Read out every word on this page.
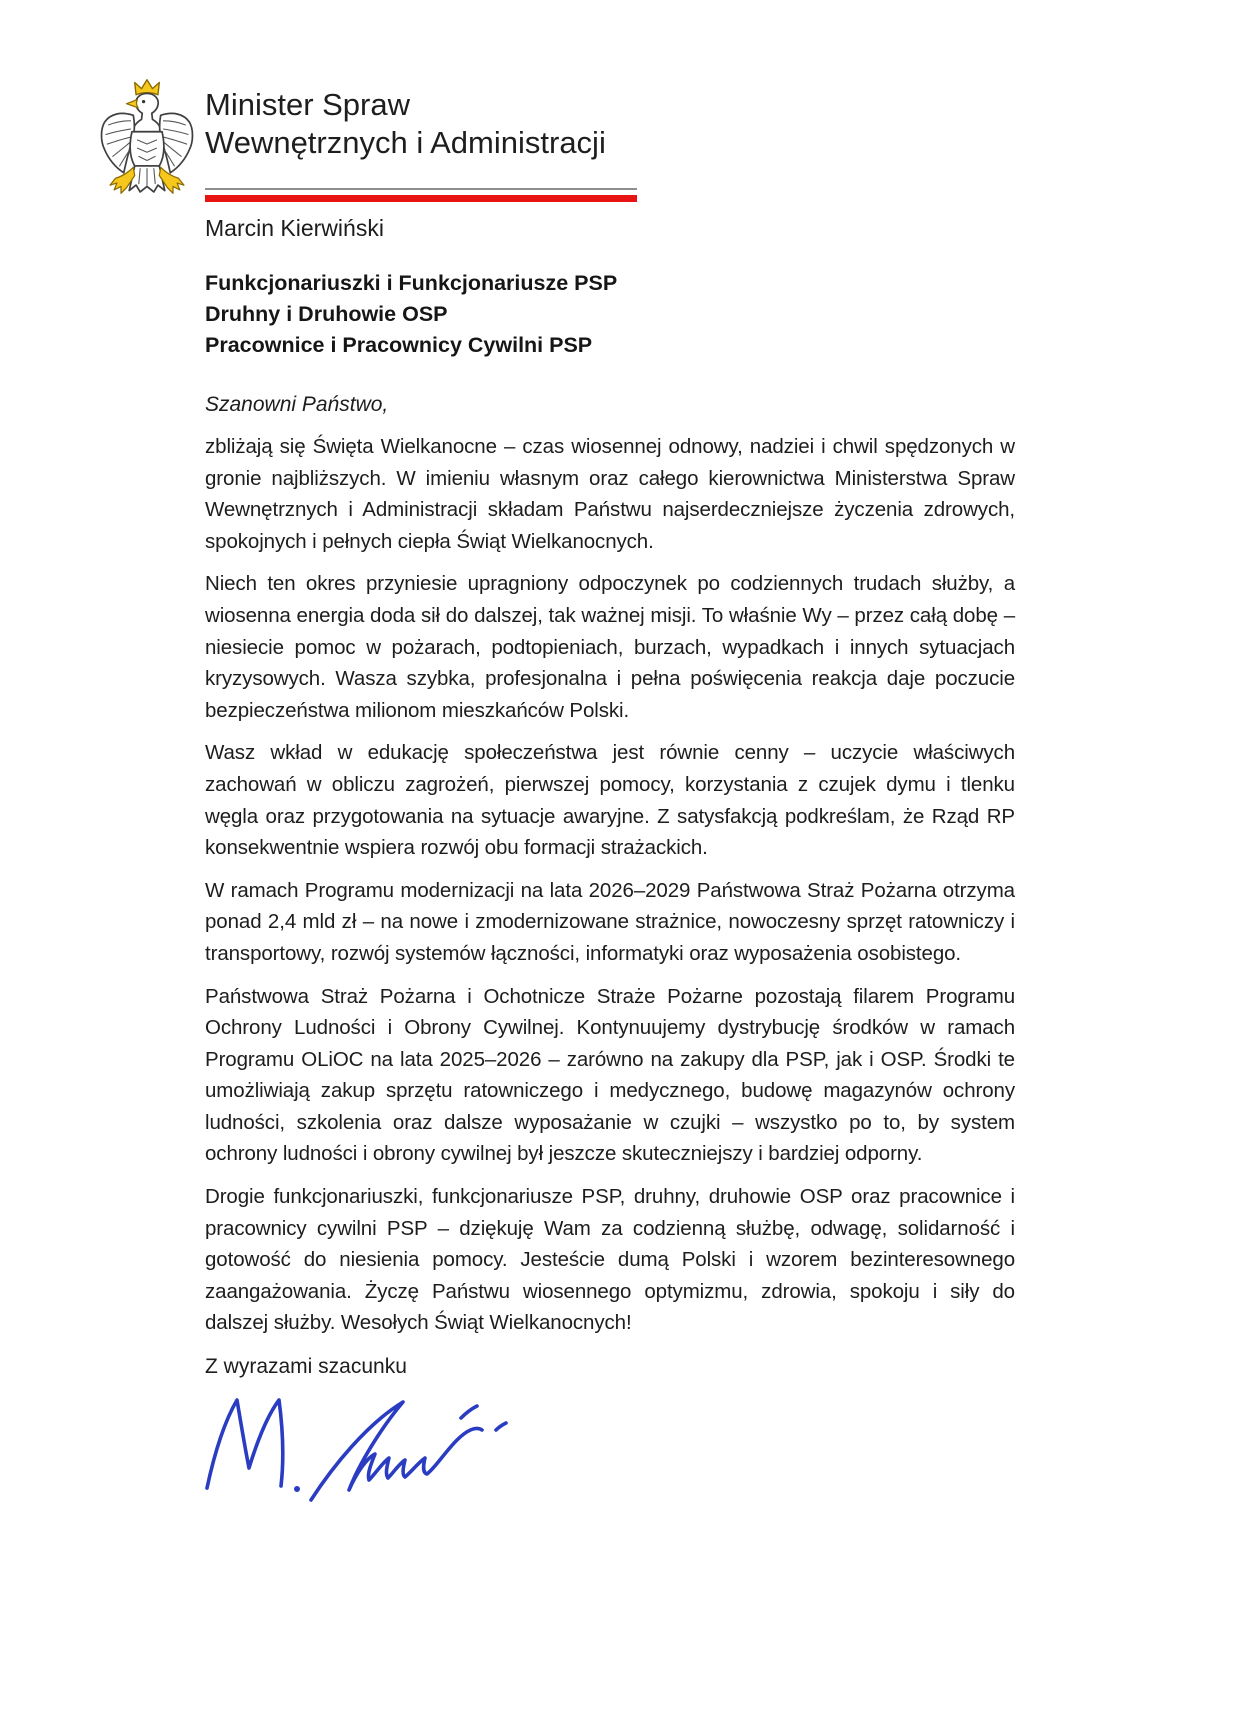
Minister Spraw
Wewnętrznych i Administracji
Marcin Kierwiński
Funkcjonariuszki i Funkcjonariusze PSP
Druhny i Druhowie OSP
Pracownice i Pracownicy Cywilni PSP

Szanowni Państwo,

zbliżają się Święta Wielkanocne – czas wiosennej odnowy, nadziei i chwil spędzonych w gronie najbliższych. W imieniu własnym oraz całego kierownictwa Ministerstwa Spraw Wewnętrznych i Administracji składam Państwu najserdeczniejsze życzenia zdrowych, spokojnych i pełnych ciepła Świąt Wielkanocnych.

Niech ten okres przyniesie upragniony odpoczynek po codziennych trudach służby, a wiosenna energia doda sił do dalszej, tak ważnej misji. To właśnie Wy – przez całą dobę – niesiecie pomoc w pożarach, podtopieniach, burzach, wypadkach i innych sytuacjach kryzysowych. Wasza szybka, profesjonalna i pełna poświęcenia reakcja daje poczucie bezpieczeństwa milionom mieszkańców Polski.

Wasz wkład w edukację społeczeństwa jest równie cenny – uczycie właściwych zachowań w obliczu zagrożeń, pierwszej pomocy, korzystania z czujek dymu i tlenku węgla oraz przygotowania na sytuacje awaryjne. Z satysfakcją podkreślam, że Rząd RP konsekwentnie wspiera rozwój obu formacji strażackich.

W ramach Programu modernizacji na lata 2026–2029 Państwowa Straż Pożarna otrzyma ponad 2,4 mld zł – na nowe i zmodernizowane strażnice, nowoczesny sprzęt ratowniczy i transportowy, rozwój systemów łączności, informatyki oraz wyposażenia osobistego.

Państwowa Straż Pożarna i Ochotnicze Straże Pożarne pozostają filarem Programu Ochrony Ludności i Obrony Cywilnej. Kontynuujemy dystrybucję środków w ramach Programu OLiOC na lata 2025–2026 – zarówno na zakupy dla PSP, jak i OSP. Środki te umożliwiają zakup sprzętu ratowniczego i medycznego, budowę magazynów ochrony ludności, szkolenia oraz dalsze wyposażanie w czujki – wszystko po to, by system ochrony ludności i obrony cywilnej był jeszcze skuteczniejszy i bardziej odporny.

Drogie funkcjonariuszki, funkcjonariusze PSP, druhny, druhowie OSP oraz pracownice i pracownicy cywilni PSP – dziękuję Wam za codzienną służbę, odwagę, solidarność i gotowość do niesienia pomocy. Jesteście dumą Polski i wzorem bezinteresownego zaangażowania. Życzę Państwu wiosennego optymizmu, zdrowia, spokoju i siły do dalszej służby. Wesołych Świąt Wielkanocnych!

Z wyrazami szacunku
